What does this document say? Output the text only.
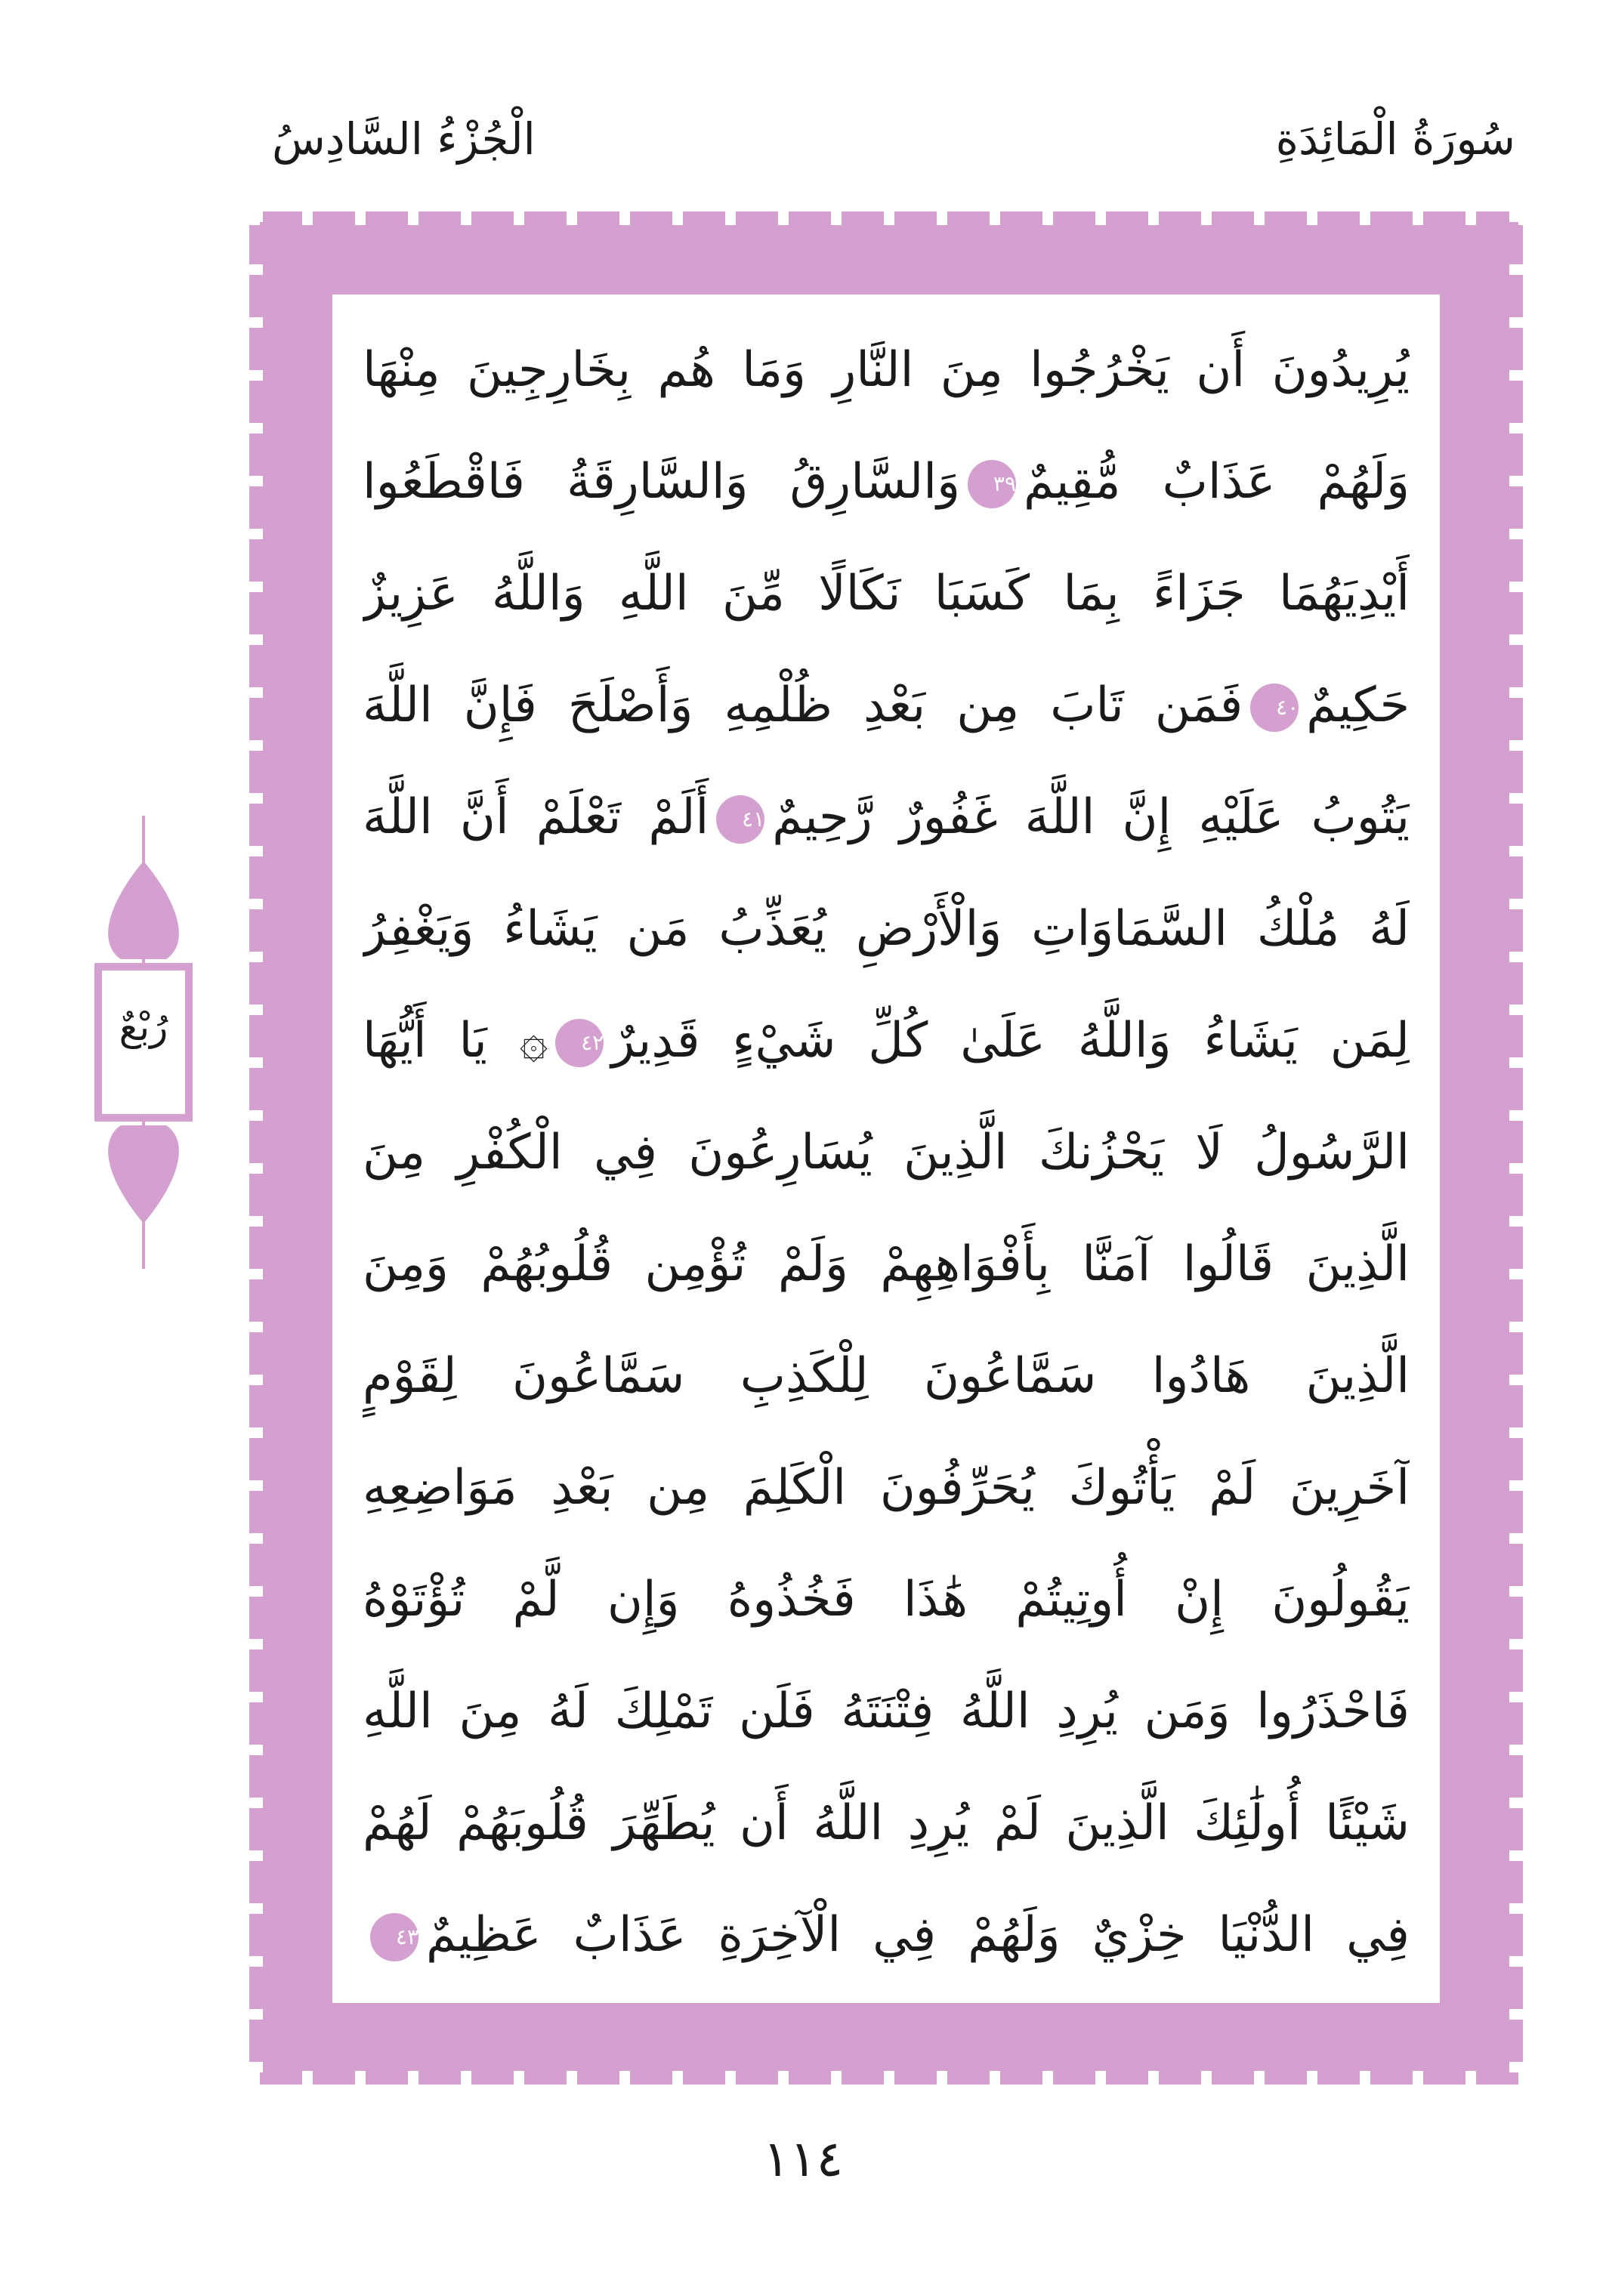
سُورَةُ الْمَائِدَةِ
الْجُزْءُ السَّادِسُ
رُبْعٌ
يُرِيدُونَ أَن يَخْرُجُوا مِنَ النَّارِ وَمَا هُم بِخَارِجِينَ مِنْهَا
وَلَهُمْ عَذَابٌ مُّقِيمٌ٣٩وَالسَّارِقُ وَالسَّارِقَةُ فَاقْطَعُوا
أَيْدِيَهُمَا جَزَاءً بِمَا كَسَبَا نَكَالًا مِّنَ اللَّهِ وَاللَّهُ عَزِيزٌ
حَكِيمٌ٤٠فَمَن تَابَ مِن بَعْدِ ظُلْمِهِ وَأَصْلَحَ فَإِنَّ اللَّهَ
يَتُوبُ عَلَيْهِ إِنَّ اللَّهَ غَفُورٌ رَّحِيمٌ٤١أَلَمْ تَعْلَمْ أَنَّ اللَّهَ
لَهُ مُلْكُ السَّمَاوَاتِ وَالْأَرْضِ يُعَذِّبُ مَن يَشَاءُ وَيَغْفِرُ
لِمَن يَشَاءُ وَاللَّهُ عَلَىٰ كُلِّ شَيْءٍ قَدِيرٌ٤٢۞ يَا أَيُّهَا
الرَّسُولُ لَا يَحْزُنكَ الَّذِينَ يُسَارِعُونَ فِي الْكُفْرِ مِنَ
الَّذِينَ قَالُوا آمَنَّا بِأَفْوَاهِهِمْ وَلَمْ تُؤْمِن قُلُوبُهُمْ وَمِنَ
الَّذِينَ هَادُوا سَمَّاعُونَ لِلْكَذِبِ سَمَّاعُونَ لِقَوْمٍ
آخَرِينَ لَمْ يَأْتُوكَ يُحَرِّفُونَ الْكَلِمَ مِن بَعْدِ مَوَاضِعِهِ
يَقُولُونَ إِنْ أُوتِيتُمْ هَٰذَا فَخُذُوهُ وَإِن لَّمْ تُؤْتَوْهُ
فَاحْذَرُوا وَمَن يُرِدِ اللَّهُ فِتْنَتَهُ فَلَن تَمْلِكَ لَهُ مِنَ اللَّهِ
شَيْئًا أُولَٰئِكَ الَّذِينَ لَمْ يُرِدِ اللَّهُ أَن يُطَهِّرَ قُلُوبَهُمْ لَهُمْ
فِي الدُّنْيَا خِزْيٌ وَلَهُمْ فِي الْآخِرَةِ عَذَابٌ عَظِيمٌ٤٣
١١٤
